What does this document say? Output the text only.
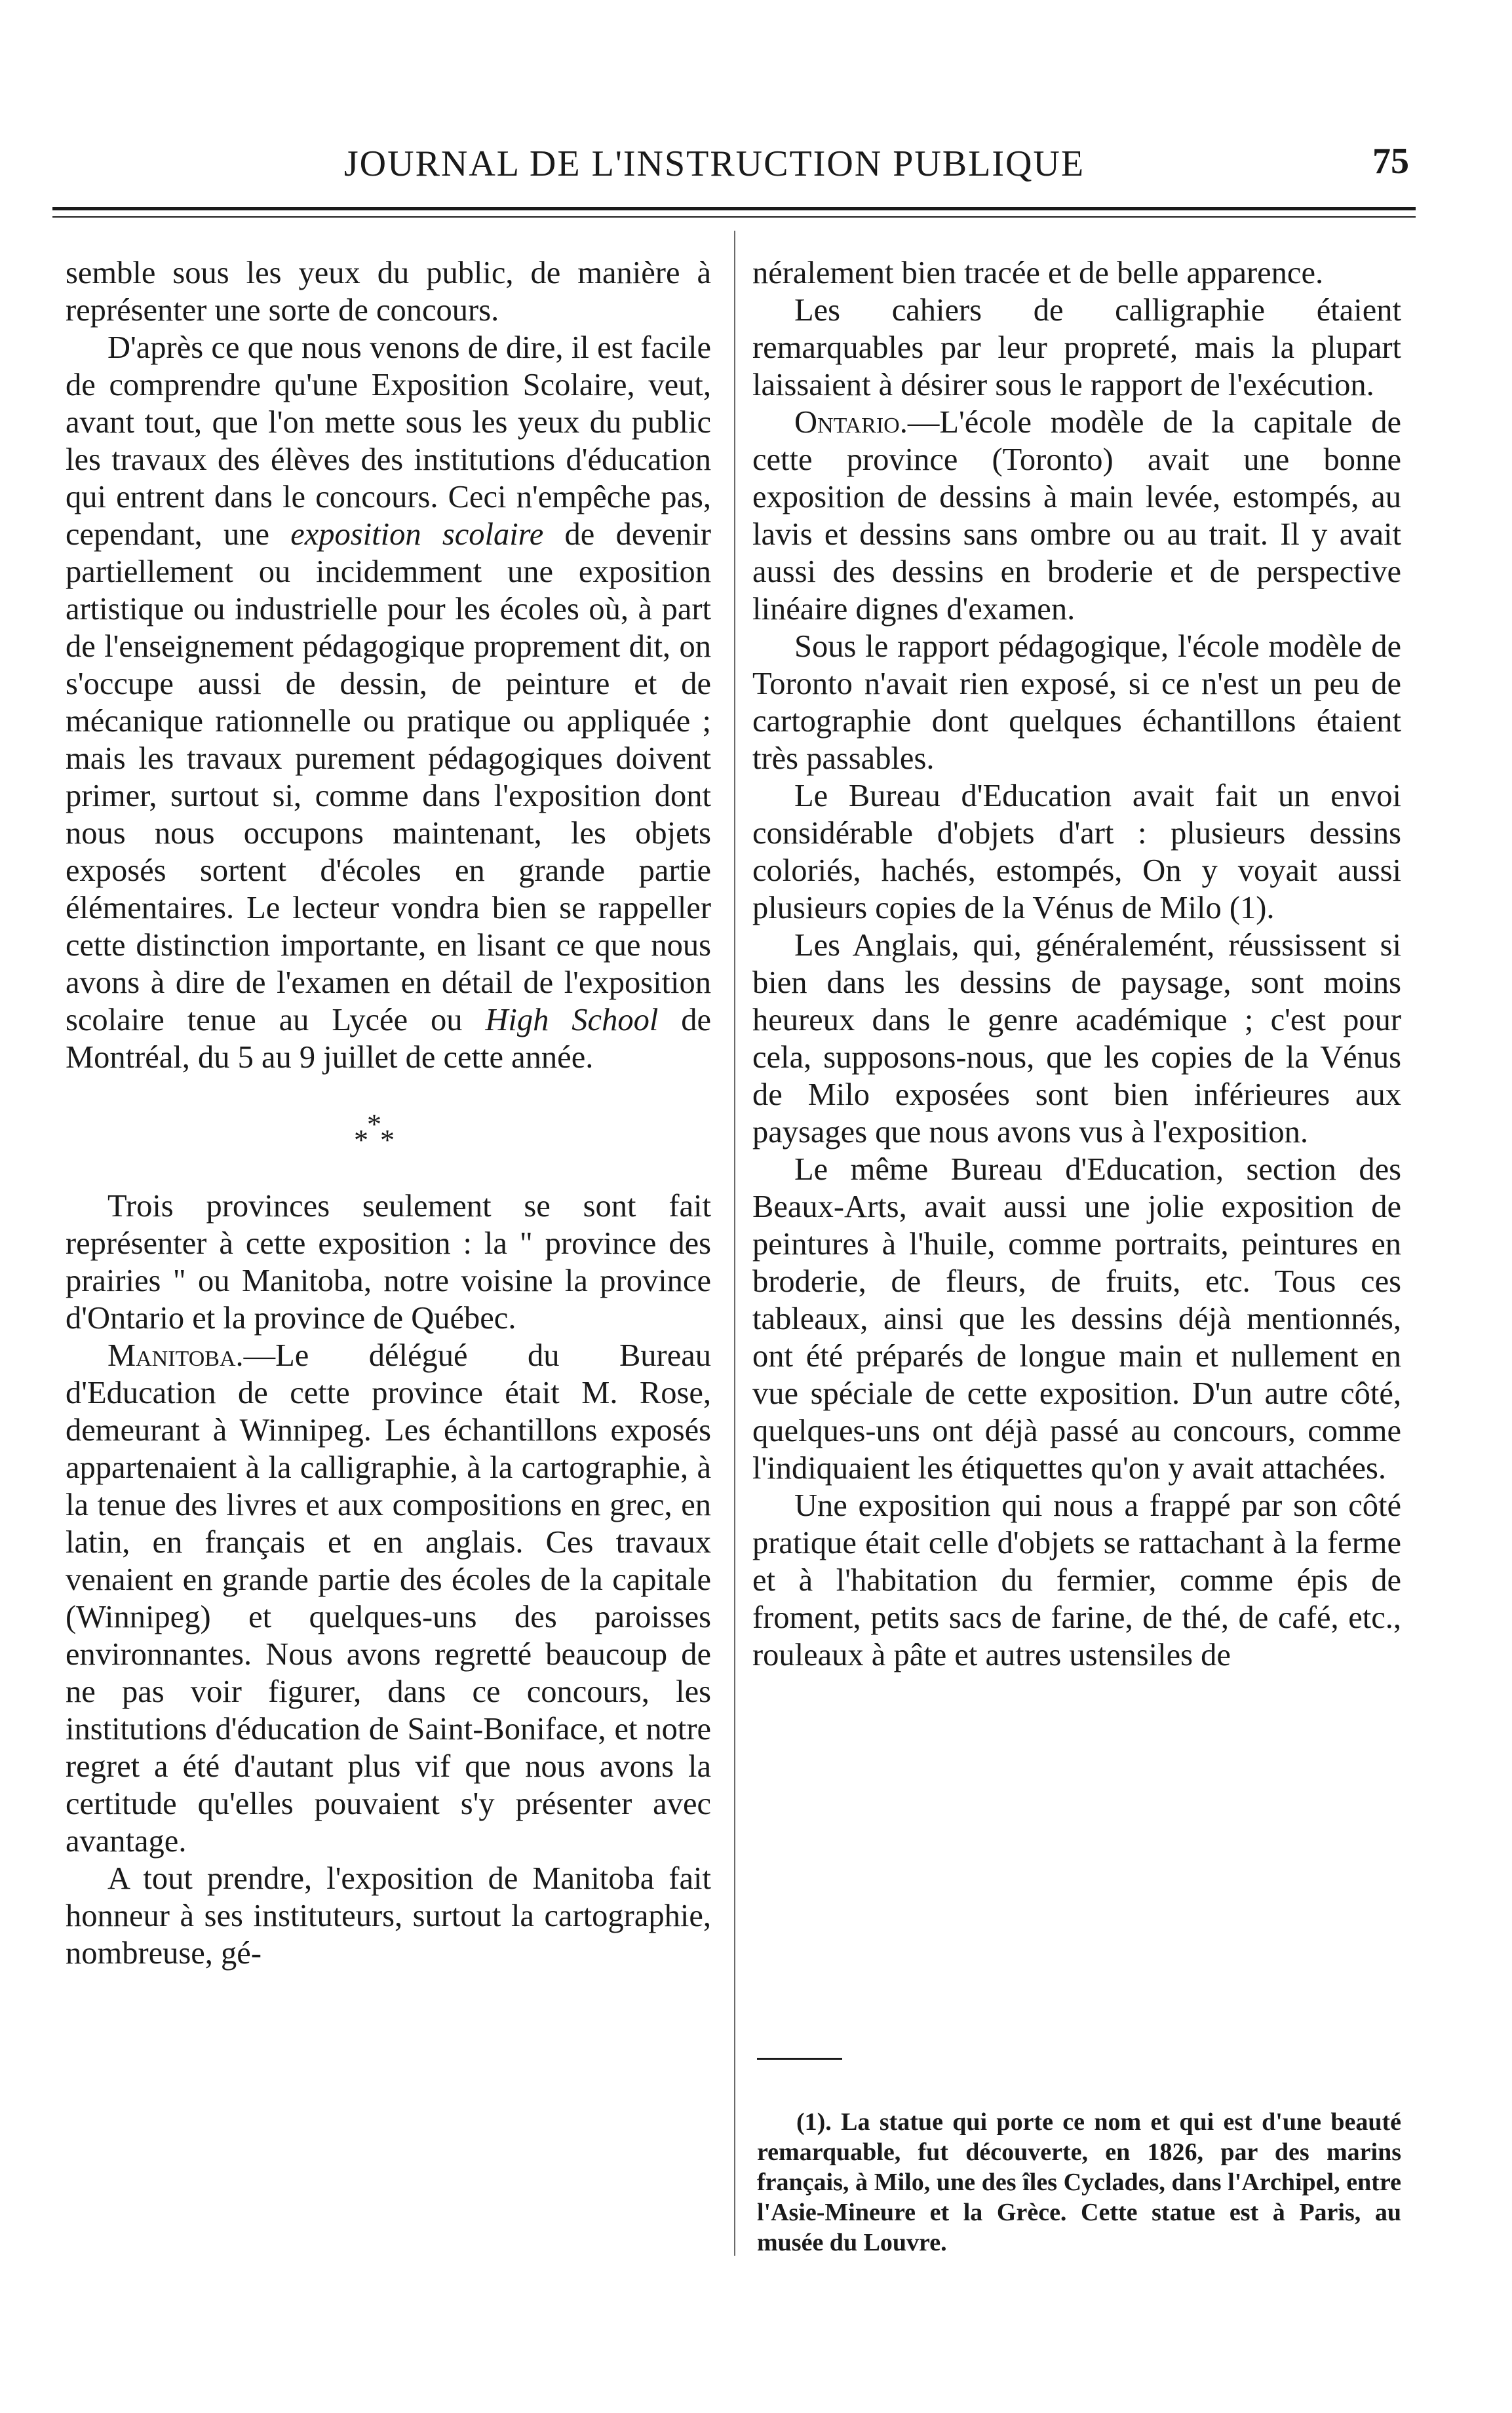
JOURNAL DE L'INSTRUCTION PUBLIQUE	75

semble sous les yeux du public, de manière à représenter une sorte de concours.

D'après ce que nous venons de dire, il est facile de comprendre qu'une Exposition Scolaire, veut, avant tout, que l'on mette sous les yeux du public les travaux des élèves des institutions d'éducation qui entrent dans le concours. Ceci n'empêche pas, cependant, une exposition scolaire de devenir partiellement ou incidemment une exposition artistique ou industrielle pour les écoles où, à part de l'enseignement pédagogique proprement dit, on s'occupe aussi de dessin, de peinture et de mécanique rationnelle ou pratique ou appliquée ; mais les travaux purement pédagogiques doivent primer, surtout si, comme dans l'exposition dont nous nous occupons maintenant, les objets exposés sortent d'écoles en grande partie élémentaires. Le lecteur vondra bien se rappeller cette distinction importante, en lisant ce que nous avons à dire de l'examen en détail de l'exposition scolaire tenue au Lycée ou High School de Montréal, du 5 au 9 juillet de cette année.

*
* *

Trois provinces seulement se sont fait représenter à cette exposition : la " province des prairies " ou Manitoba, notre voisine la province d'Ontario et la province de Québec.

Manitoba.—Le délégué du Bureau d'Education de cette province était M. Rose, demeurant à Winnipeg. Les échantillons exposés appartenaient à la calligraphie, à la cartographie, à la tenue des livres et aux compositions en grec, en latin, en français et en anglais. Ces travaux venaient en grande partie des écoles de la capitale (Winnipeg) et quelques-uns des paroisses environnantes. Nous avons regretté beaucoup de ne pas voir figurer, dans ce concours, les institutions d'éducation de Saint-Boniface, et notre regret a été d'autant plus vif que nous avons la certitude qu'elles pouvaient s'y présenter avec avantage.

A tout prendre, l'exposition de Manitoba fait honneur à ses instituteurs, surtout la cartographie, nombreuse, gé-

néralement bien tracée et de belle apparence.

Les cahiers de calligraphie étaient remarquables par leur propreté, mais la plupart laissaient à désirer sous le rapport de l'exécution.

Ontario.—L'école modèle de la capitale de cette province (Toronto) avait une bonne exposition de dessins à main levée, estompés, au lavis et dessins sans ombre ou au trait. Il y avait aussi des dessins en broderie et de perspective linéaire dignes d'examen.

Sous le rapport pédagogique, l'école modèle de Toronto n'avait rien exposé, si ce n'est un peu de cartographie dont quelques échantillons étaient très passables.

Le Bureau d'Education avait fait un envoi considérable d'objets d'art : plusieurs dessins coloriés, hachés, estompés, On y voyait aussi plusieurs copies de la Vénus de Milo (1).

Les Anglais, qui, généralemént, réussissent si bien dans les dessins de paysage, sont moins heureux dans le genre académique ; c'est pour cela, supposons-nous, que les copies de la Vénus de Milo exposées sont bien inférieures aux paysages que nous avons vus à l'exposition.

Le même Bureau d'Education, section des Beaux-Arts, avait aussi une jolie exposition de peintures à l'huile, comme portraits, peintures en broderie, de fleurs, de fruits, etc. Tous ces tableaux, ainsi que les dessins déjà mentionnés, ont été préparés de longue main et nullement en vue spéciale de cette exposition. D'un autre côté, quelques-uns ont déjà passé au concours, comme l'indiquaient les étiquettes qu'on y avait attachées.

Une exposition qui nous a frappé par son côté pratique était celle d'objets se rattachant à la ferme et à l'habitation du fermier, comme épis de froment, petits sacs de farine, de thé, de café, etc., rouleaux à pâte et autres ustensiles de

(1). La statue qui porte ce nom et qui est d'une beauté remarquable, fut découverte, en 1826, par des marins français, à Milo, une des îles Cyclades, dans l'Archipel, entre l'Asie-Mineure et la Grèce. Cette statue est à Paris, au musée du Louvre.
